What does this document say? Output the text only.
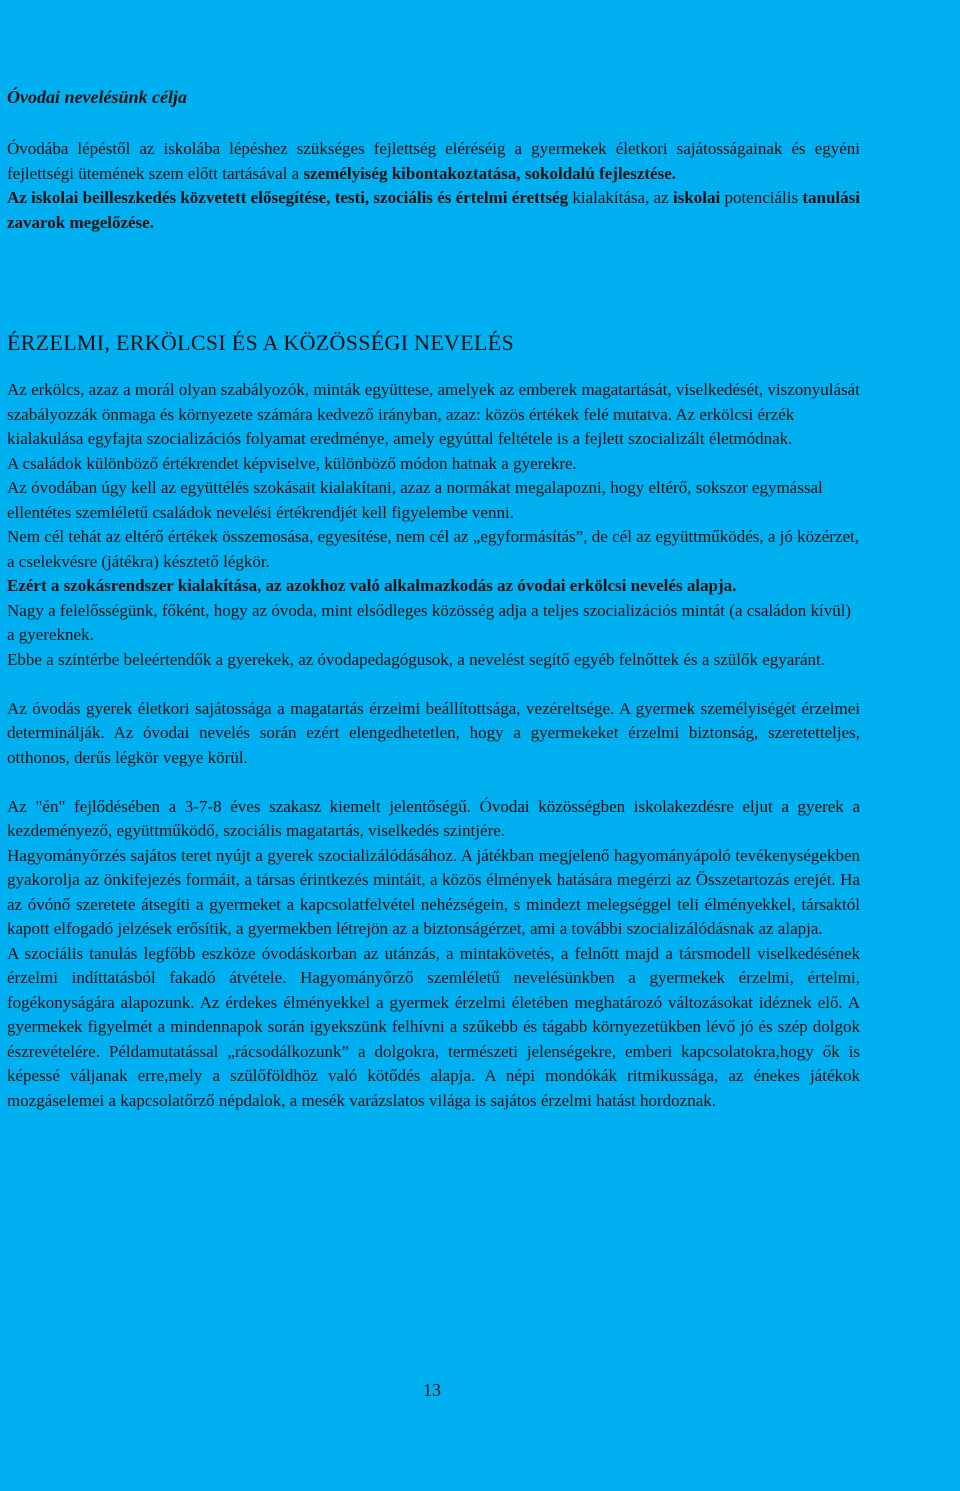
Óvodai nevelésünk célja

Óvodába lépéstől az iskolába lépéshez szükséges fejlettség eléréséig a gyermekek életkori sajátosságainak és egyéni fejlettségi ütemének szem előtt tartásával a személyiség kibontakoztatása, sokoldalú fejlesztése.

Az iskolai beilleszkedés közvetett elősegítése, testi, szociális és értelmi érettség kialakítása, az iskolai potenciális tanulási zavarok megelőzése.

ÉRZELMI, ERKÖLCSI ÉS A KÖZÖSSÉGI NEVELÉS

Az erkölcs, azaz a morál olyan szabályozók, minták együttese, amelyek az emberek magatartását, viselkedését, viszonyulását szabályozzák önmaga és környezete számára kedvező irányban, azaz: közös értékek felé mutatva. Az erkölcsi érzék kialakulása egyfajta szocializációs folyamat eredménye, amely egyúttal feltétele is a fejlett szocializált életmódnak.

A családok különböző értékrendet képviselve, különböző módon hatnak a gyerekre.

Az óvodában úgy kell az együttélés szokásait kialakítani, azaz a normákat megalapozni, hogy eltérő, sokszor egymással ellentétes szemléletű családok nevelési értékrendjét kell figyelembe venni.

Nem cél tehát az eltérő értékek összemosása, egyesítése, nem cél az „egyformásítás”, de cél az együttműködés, a jó közérzet, a cselekvésre (játékra) késztető légkör.

Ezért a szokásrendszer kialakítása, az azokhoz való alkalmazkodás az óvodai erkölcsi nevelés alapja.

Nagy a felelősségünk, főként, hogy az óvoda, mint elsődleges közösség adja a teljes szocializációs mintát (a családon kívül) a gyereknek.

Ebbe a színtérbe beleértendők a gyerekek, az óvodapedagógusok, a nevelést segítő egyéb felnőttek és a szülők egyaránt.

Az óvodás gyerek életkori sajátossága a magatartás érzelmi beállítottsága, vezéreltsége. A gyermek személyiségét érzelmei determinálják. Az óvodai nevelés során ezért elengedhetetlen, hogy a gyermekeket érzelmi biztonság, szeretetteljes, otthonos, derűs légkör vegye körül.

Az "én" fejlődésében a 3-7-8 éves szakasz kiemelt jelentőségű. Óvodai közösségben iskolakezdésre eljut a gyerek a kezdeményező, együttműködő, szociális magatartás, viselkedés szintjére.

Hagyományőrzés sajátos teret nyújt a gyerek szocializálódásához. A játékban megjelenő hagyományápoló tevékenységekben gyakorolja az önkifejezés formáit, a társas érintkezés mintáit, a közös élmények hatására megérzi az Összetartozás erejét. Ha az óvónő szeretete átsegíti a gyermeket a kapcsolatfelvétel nehézségein, s mindezt melegséggel teli élményekkel, társaktól kapott elfogadó jelzések erősítik, a gyermekben létrejön az a biztonságérzet, ami a további szocializálódásnak az alapja.

A szociális tanulás legfőbb eszköze óvodáskorban az utánzás, a mintakövetés, a felnőtt majd a társmodell viselkedésének érzelmi indíttatásból fakadó átvétele. Hagyományőrző szemléletű nevelésünkben a gyermekek érzelmi, értelmi, fogékonyságára alapozunk. Az érdekes élményekkel a gyermek érzelmi életében meghatározó változásokat idéznek elő. A gyermekek figyelmét a mindennapok során igyekszünk felhívni a szűkebb és tágabb környezetükben lévő jó és szép dolgok észrevételére. Példamutatással „rácsodálkozunk” a dolgokra, természeti jelenségekre, emberi kapcsolatokra,hogy ők is képessé váljanak erre,mely a szülőföldhöz való kötődés alapja. A népi mondókák ritmikussága, az énekes játékok mozgáselemei a kapcsolatőrző népdalok, a mesék varázslatos világa is sajátos érzelmi hatást hordoznak.

13
